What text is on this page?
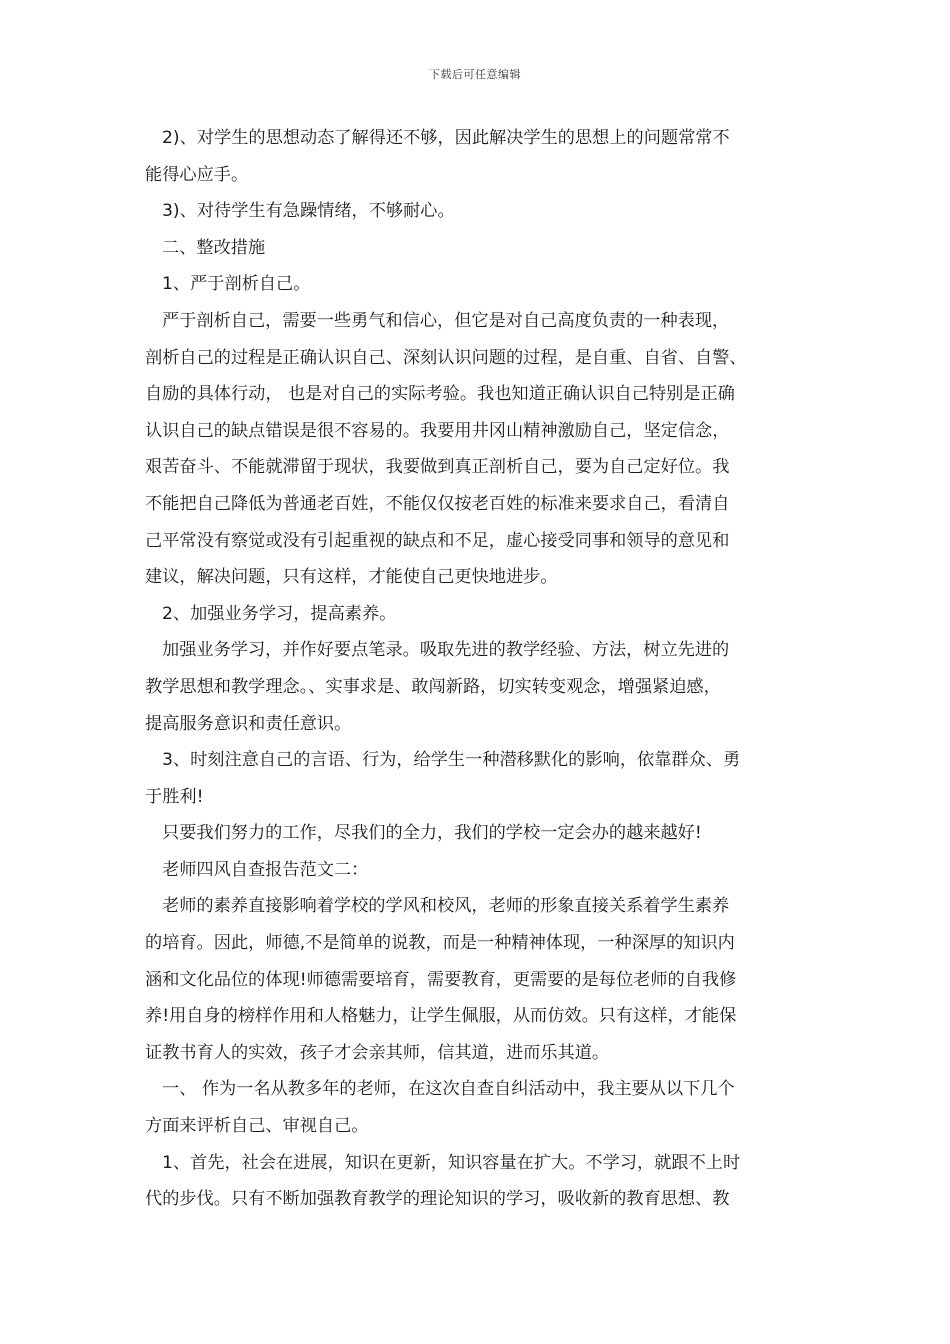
下载后可任意编辑

2)、对学生的思想动态了解得还不够，因此解决学生的思想上的问题常常不

能得心应手。

3)、对待学生有急躁情绪，不够耐心。

二、整改措施

1、严于剖析自己。

严于剖析自己，需要一些勇气和信心，但它是对自己高度负责的一种表现，

剖析自己的过程是正确认识自己、深刻认识问题的过程，是自重、自省、自警、

自励的具体行动， 也是对自己的实际考验。我也知道正确认识自己特别是正确

认识自己的缺点错误是很不容易的。我要用井冈山精神激励自己，坚定信念，

艰苦奋斗、不能就滞留于现状，我要做到真正剖析自己，要为自己定好位。我

不能把自己降低为普通老百姓，不能仅仅按老百姓的标准来要求自己，看清自

己平常没有察觉或没有引起重视的缺点和不足，虚心接受同事和领导的意见和

建议，解决问题，只有这样，才能使自己更快地进步。

2、加强业务学习，提高素养。

加强业务学习，并作好要点笔录。吸取先进的教学经验、方法，树立先进的

教学思想和教学理念。、实事求是、敢闯新路，切实转变观念，增强紧迫感，

提高服务意识和责任意识。

3、时刻注意自己的言语、行为，给学生一种潜移默化的影响，依靠群众、勇

于胜利!

只要我们努力的工作，尽我们的全力，我们的学校一定会办的越来越好!

老师四风自查报告范文二：

老师的素养直接影响着学校的学风和校风，老师的形象直接关系着学生素养

的培育。因此，师德,不是简单的说教，而是一种精神体现，一种深厚的知识内

涵和文化品位的体现!师德需要培育，需要教育，更需要的是每位老师的自我修

养!用自身的榜样作用和人格魅力，让学生佩服，从而仿效。只有这样，才能保

证教书育人的实效，孩子才会亲其师，信其道，进而乐其道。

一、 作为一名从教多年的老师，在这次自查自纠活动中，我主要从以下几个

方面来评析自己、审视自己。

1、首先，社会在进展，知识在更新，知识容量在扩大。不学习，就跟不上时

代的步伐。只有不断加强教育教学的理论知识的学习，吸收新的教育思想、教
